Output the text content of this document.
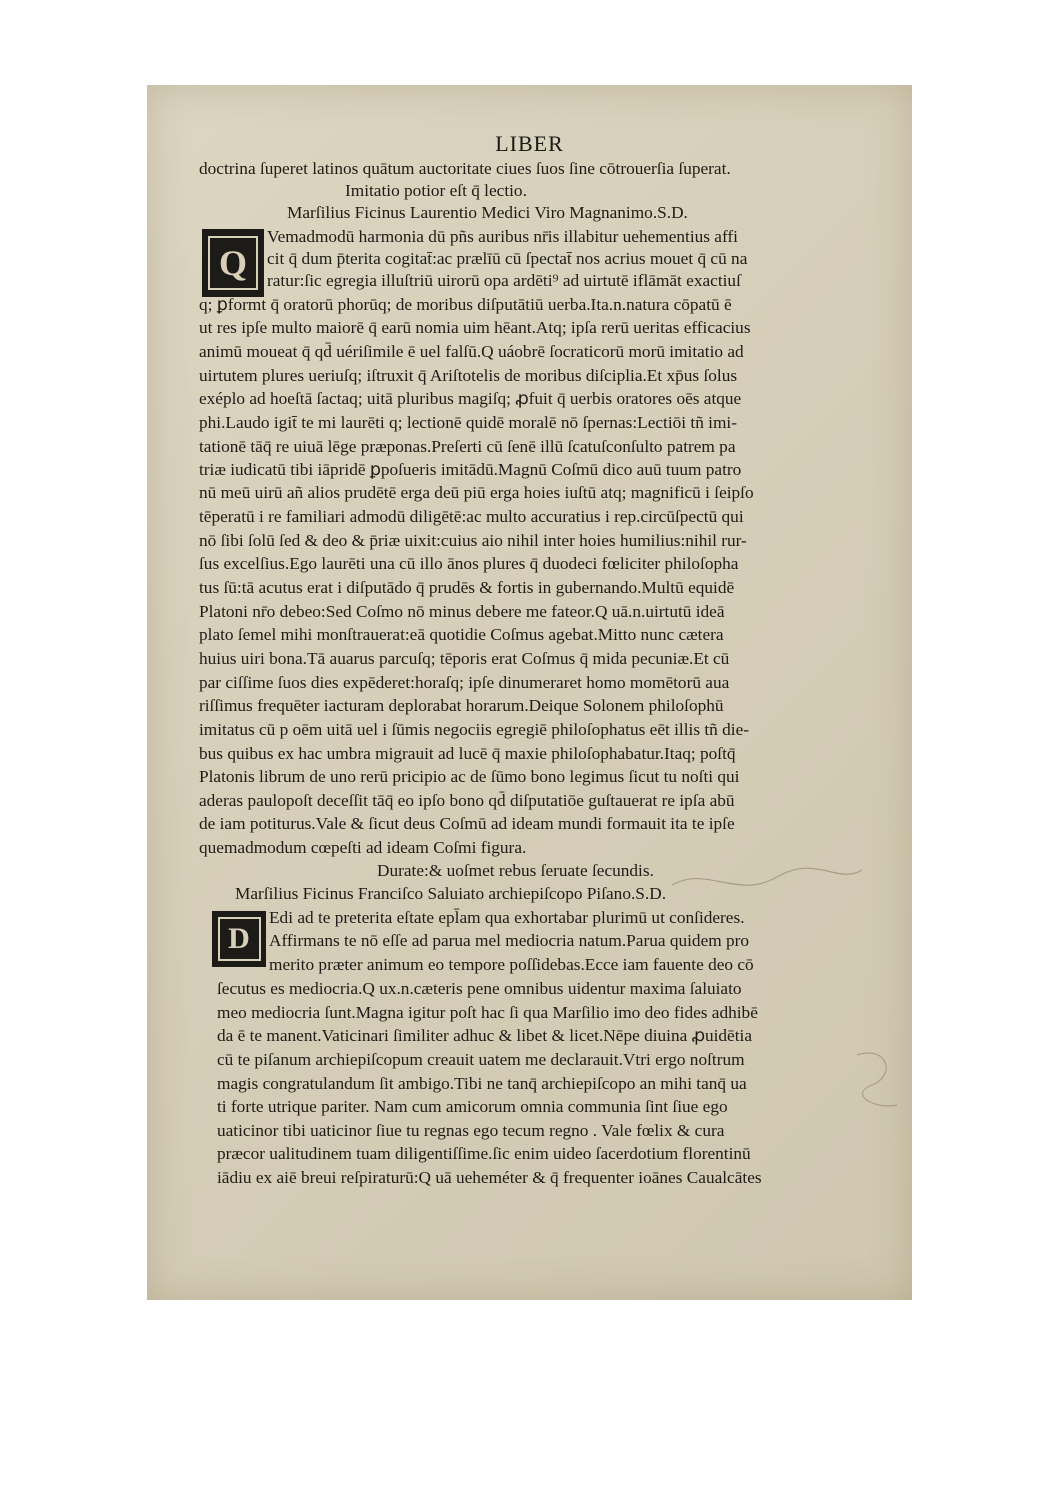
LIBER
doctrina ſuperet latinos quātum auctoritate ciues ſuos ſine cōtrouerſia ſuperat.
Imitatio potior eſt q̄ lectio.
Marſilius Ficinus Laurentio Medici Viro Magnanimo.S.D.
Q
Vemadmodū harmonia dū pñs auribus nr̄is illabitur uehementius affi
cit q̄ dum p̄terita cogitat̄:ac prælīū cū ſpectat̄ nos acrius mouet q̄ cū na
ratur:ſic egregia illuſtriū uirorū opa ardēti⁹ ad uirtutē iflāmāt exactiuſ
q; ꝑformt q̄ oratorū phorūq; de moribus diſputātiū uerba.Ita.n.natura cōpatū ē
ut res ipſe multo maiorē q̄ earū nomia uim hēant.Atq; ipſa rerū ueritas efficacius
animū moueat q̄ qd̄ uériſimile ē uel falſū.Q uáobrē ſocraticorū morū imitatio ad
uirtutem plures ueriuſq; iſtruxit q̄ Ariſtotelis de moribus diſciplia.Et xp̄us ſolus
exéplo ad hoeſtā ſactaq; uitā pluribus magiſq; ꝓfuit q̄ uerbis oratores oēs atque
phi.Laudo igit̄ te mi laurēti q; lectionē quidē moralē nō ſpernas:Lectiōi tñ imi-
tationē tāq̄ re uiuā lēge præponas.Preſerti cū ſenē illū ſcatuſconſulto patrem pa
triæ iudicatū tibi iāpridē ꝑpoſueris imitādū.Magnū Coſmū dico auū tuum patro
nū meū uirū añ alios prudētē erga deū piū erga hoies iuſtū atq; magnificū i ſeipſo
tēperatū i re familiari admodū diligētē:ac multo accuratius i rep.circūſpectū qui
nō ſibi ſolū ſed & deo & p̄riæ uixit:cuius aio nihil inter hoies humilius:nihil rur-
ſus excelſius.Ego laurēti una cū illo ānos plures q̄ duodeci fœliciter philoſopha
tus ſū:tā acutus erat i diſputādo q̄ prudēs & fortis in gubernando.Multū equidē
Platoni nr̄o debeo:Sed Coſmo nō minus debere me fateor.Q uā.n.uirtutū ideā
plato ſemel mihi monſtrauerat:eā quotidie Coſmus agebat.Mitto nunc cætera
huius uiri bona.Tā auarus parcuſq; tēporis erat Coſmus q̄ mida pecuniæ.Et cū
par ciſſime ſuos dies expēderet:horaſq; ipſe dinumeraret homo momētorū aua
riſſimus frequēter iacturam deplorabat horarum.Deique Solonem philoſophū
imitatus cū p oēm uitā uel i ſūmis negociis egregiē philoſophatus eēt illis tñ die-
bus quibus ex hac umbra migrauit ad lucē q̄ maxie philoſophabatur.Itaq; poſtq̄
Platonis librum de uno rerū pricipio ac de ſūmo bono legimus ſicut tu noſti qui
aderas paulopoſt deceſſit tāq̄ eo ipſo bono qd̄ diſputatiōe guſtauerat re ipſa abū
de iam potiturus.Vale & ſicut deus Coſmū ad ideam mundi formauit ita te ipſe
quemadmodum cœpeſti ad ideam Coſmi figura.
Durate:& uoſmet rebus ſeruate ſecundis.
Marſilius Ficinus Franciſco Saluiato archiepiſcopo Piſano.S.D.
D
Edi ad te preterita eſtate epl̄am qua exhortabar plurimū ut conſideres.
Affirmans te nō eſſe ad parua mel mediocria natum.Parua quidem pro
merito præter animum eo tempore poſſidebas.Ecce iam fauente deo cō
ſecutus es mediocria.Q ux.n.cæteris pene omnibus uidentur maxima ſaluiato
meo mediocria ſunt.Magna igitur poſt hac ſi qua Marſilio imo deo fides adhibē
da ē te manent.Vaticinari ſimiliter adhuc & libet & licet.Nēpe diuina ꝓuidētia
cū te piſanum archiepiſcopum creauit uatem me declarauit.Vtri ergo noſtrum
magis congratulandum ſit ambigo.Tibi ne tanq̄ archiepiſcopo an mihi tanq̄ ua
ti forte utrique pariter. Nam cum amicorum omnia communia ſint ſiue ego
uaticinor tibi uaticinor ſiue tu regnas ego tecum regno . Vale fœlix & cura
præcor ualitudinem tuam diligentiſſime.ſic enim uideo ſacerdotium florentinū
iādiu ex aiē breui reſpiraturū:Q uā ueheméter & q̄ frequenter ioānes Caualcātes
